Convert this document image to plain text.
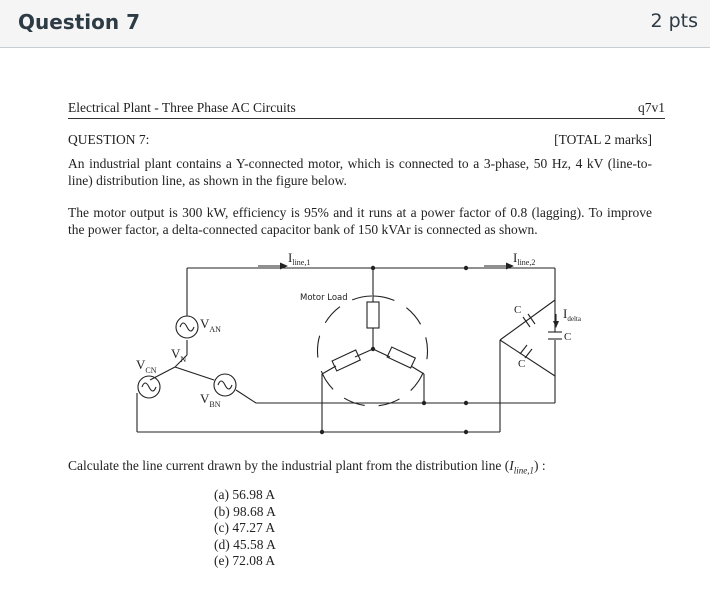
Question 7	2 pts
Electrical Plant - Three Phase AC Circuits	q7v1
QUESTION 7:	[TOTAL 2 marks]
An industrial plant contains a Y-connected motor, which is connected to a 3-phase, 50 Hz, 4 kV (line-to-line) distribution line, as shown in the figure below.
The motor output is 300 kW, efficiency is 95% and it runs at a power factor of 0.8 (lagging). To improve the power factor, a delta-connected capacitor bank of 150 kVAr is connected as shown.
$I_{line,1}$	$I_{line,2}$
$V_{AN}$
$V_{BN}$
$V_{CN}$
$V_N$
$I_{delta}$
C
C
C
Motor Load
Calculate the line current drawn by the industrial plant from the distribution line $(I_{line,1})$ :
(a) 56.98 A
(b) 98.68 A
(c) 47.27 A
(d) 45.58 A
(e) 72.08 A
